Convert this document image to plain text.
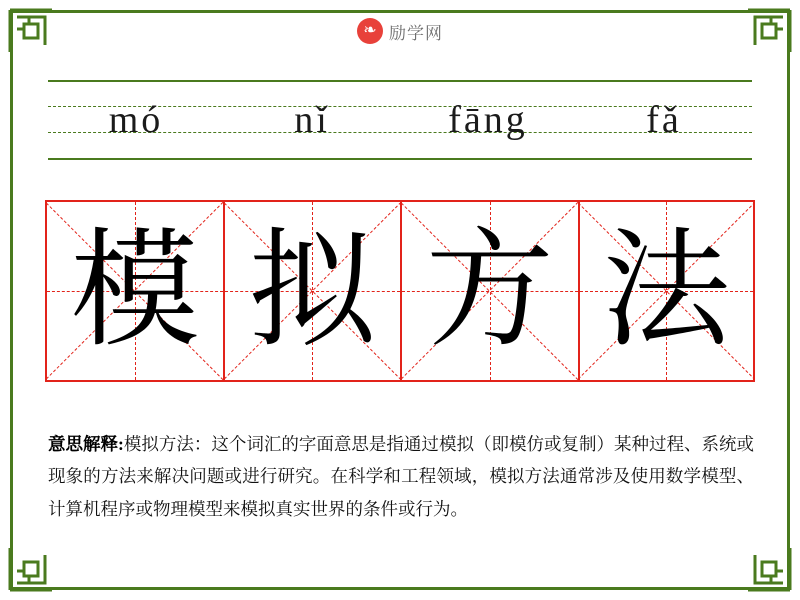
❧ 励学网
mó	nǐ	fāng	fǎ
模 拟 方 法
意思解释:模拟方法：这个词汇的字面意思是指通过模拟（即模仿或复制）某种过程、系统或现象的方法来解决问题或进行研究。在科学和工程领域，模拟方法通常涉及使用数学模型、计算机程序或物理模型来模拟真实世界的条件或行为。
